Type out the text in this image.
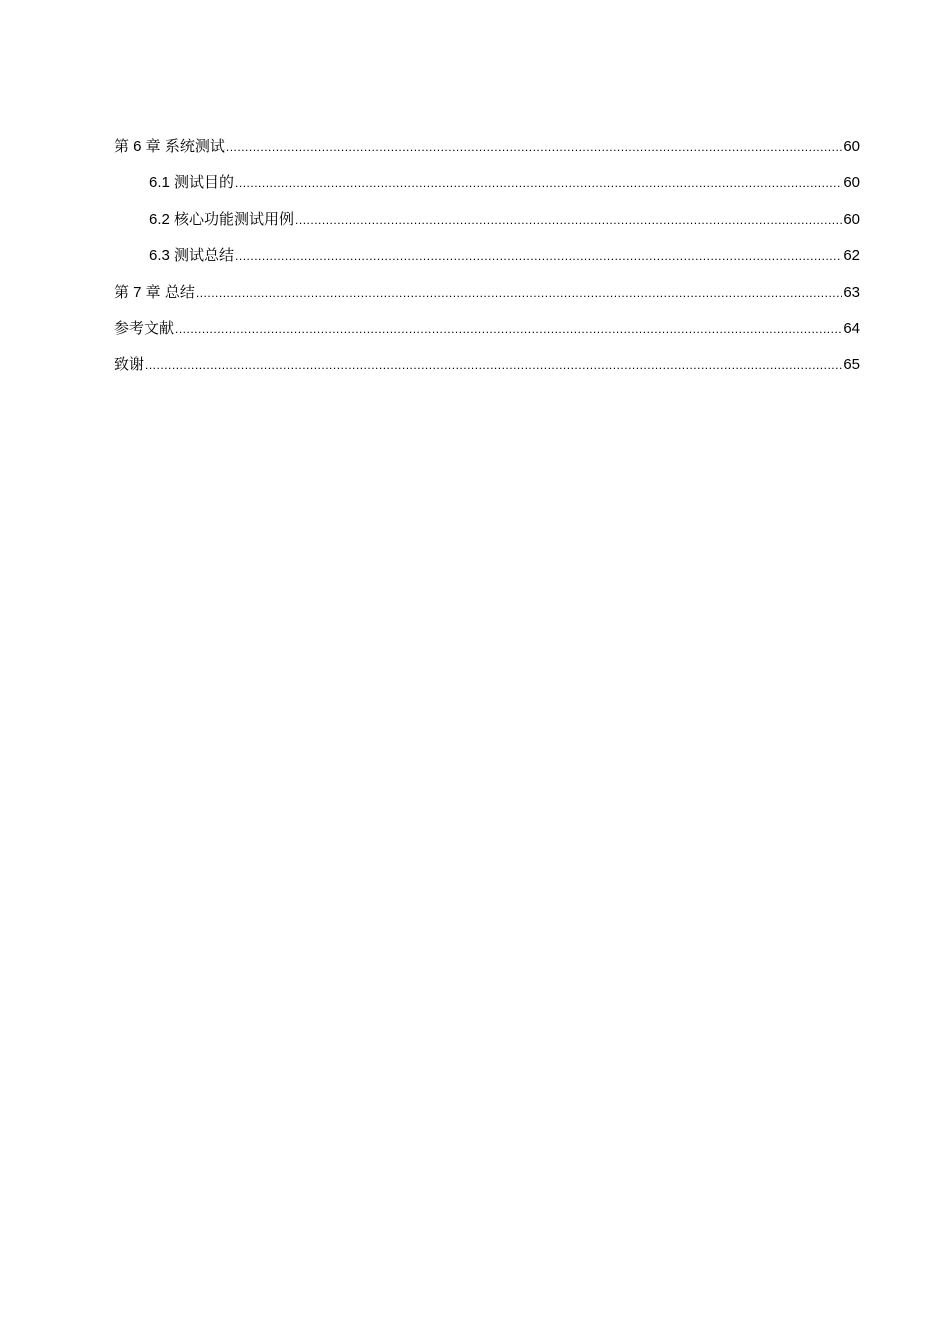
第 6 章 系统测试 .....	60
6.1 测试目的 .....	60
6.2 核心功能测试用例 .....	60
6.3 测试总结 .....	62
第 7 章 总结 .....	63
参考文献 .....	64
致谢 .....	65
